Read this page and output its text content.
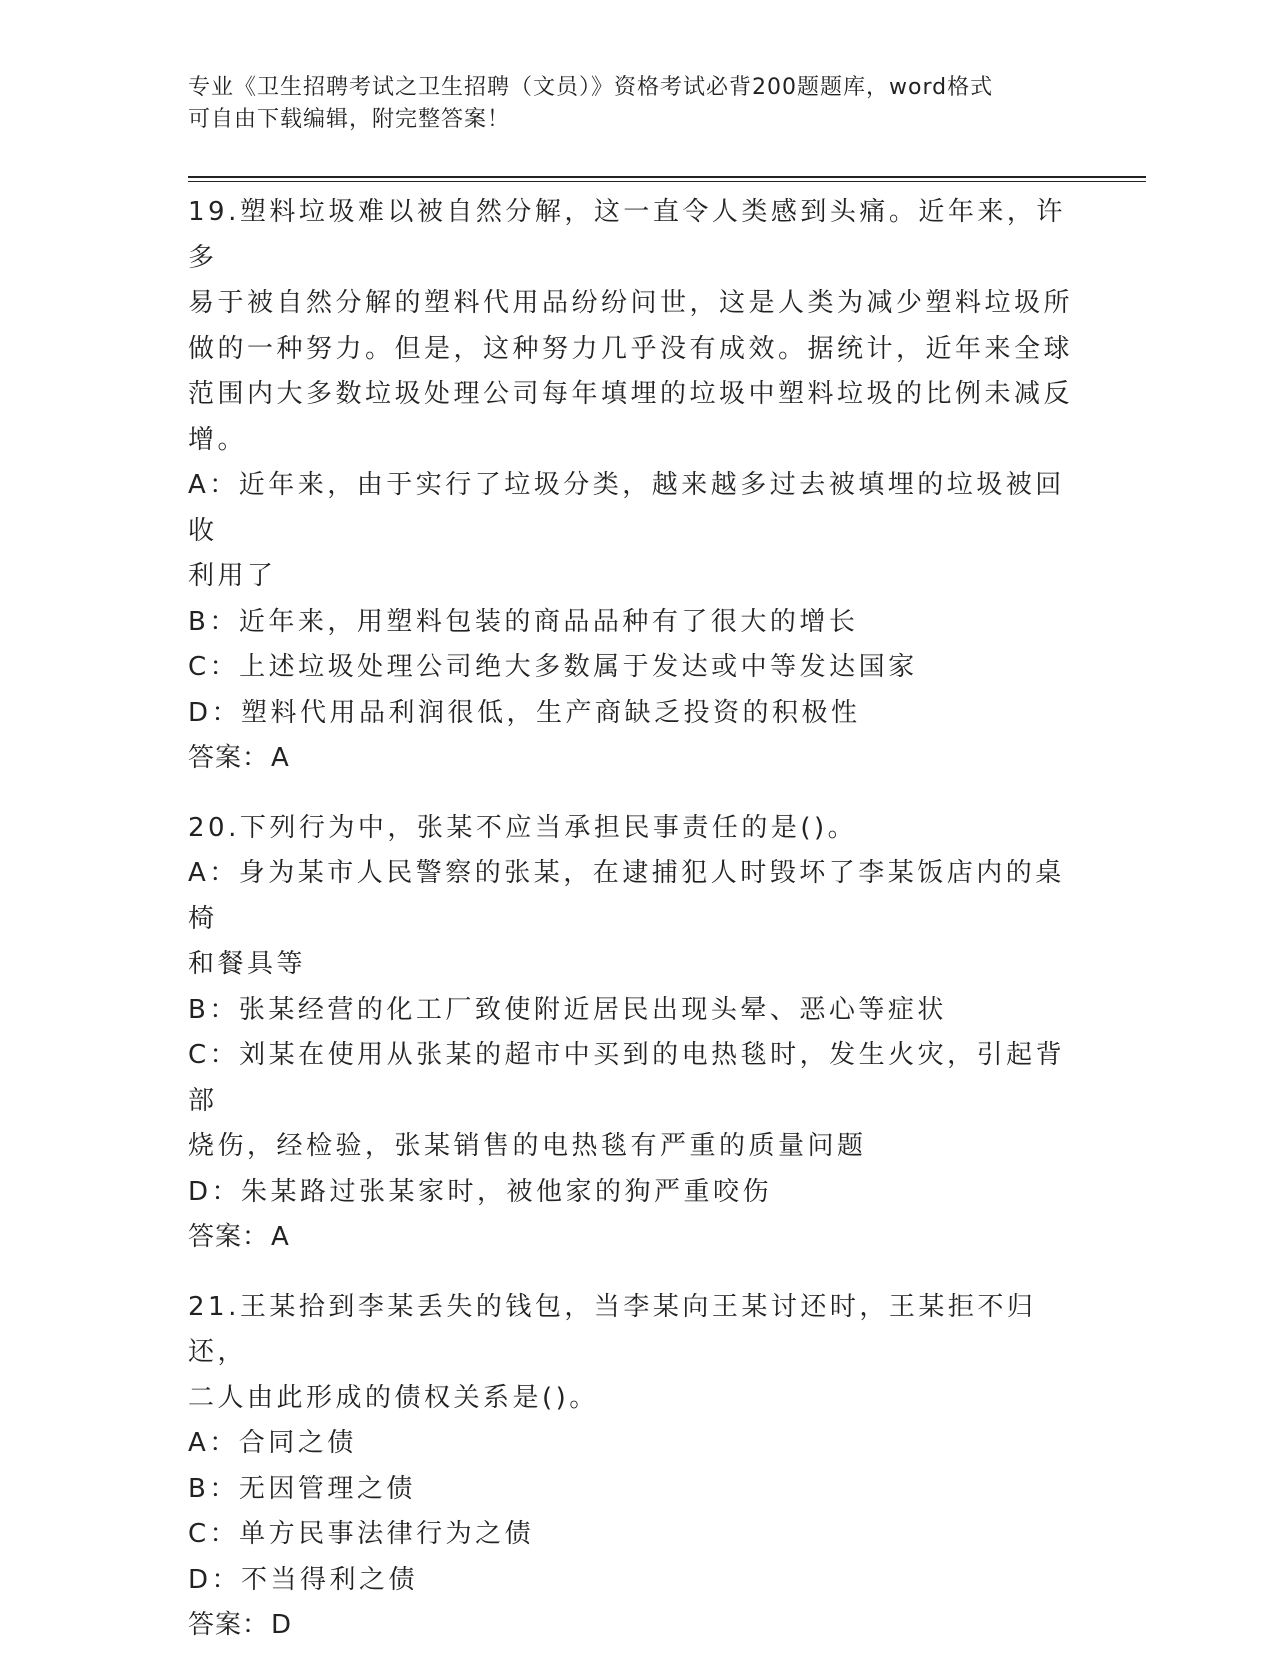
专业《卫生招聘考试之卫生招聘（文员）》资格考试必背200题题库，word格式
可自由下载编辑，附完整答案！
19.塑料垃圾难以被自然分解，这一直令人类感到头痛。近年来，许多
易于被自然分解的塑料代用品纷纷问世，这是人类为减少塑料垃圾所
做的一种努力。但是，这种努力几乎没有成效。据统计，近年来全球
范围内大多数垃圾处理公司每年填埋的垃圾中塑料垃圾的比例未减反
增。
A：近年来，由于实行了垃圾分类，越来越多过去被填埋的垃圾被回收
利用了
B：近年来，用塑料包装的商品品种有了很大的增长
C：上述垃圾处理公司绝大多数属于发达或中等发达国家
D：塑料代用品利润很低，生产商缺乏投资的积极性
答案：A
20.下列行为中，张某不应当承担民事责任的是()。
A：身为某市人民警察的张某，在逮捕犯人时毁坏了李某饭店内的桌椅
和餐具等
B：张某经营的化工厂致使附近居民出现头晕、恶心等症状
C：刘某在使用从张某的超市中买到的电热毯时，发生火灾，引起背部
烧伤，经检验，张某销售的电热毯有严重的质量问题
D：朱某路过张某家时，被他家的狗严重咬伤
答案：A
21.王某拾到李某丢失的钱包，当李某向王某讨还时，王某拒不归还，
二人由此形成的债权关系是()。
A：合同之债
B：无因管理之债
C：单方民事法律行为之债
D：不当得利之债
答案：D
